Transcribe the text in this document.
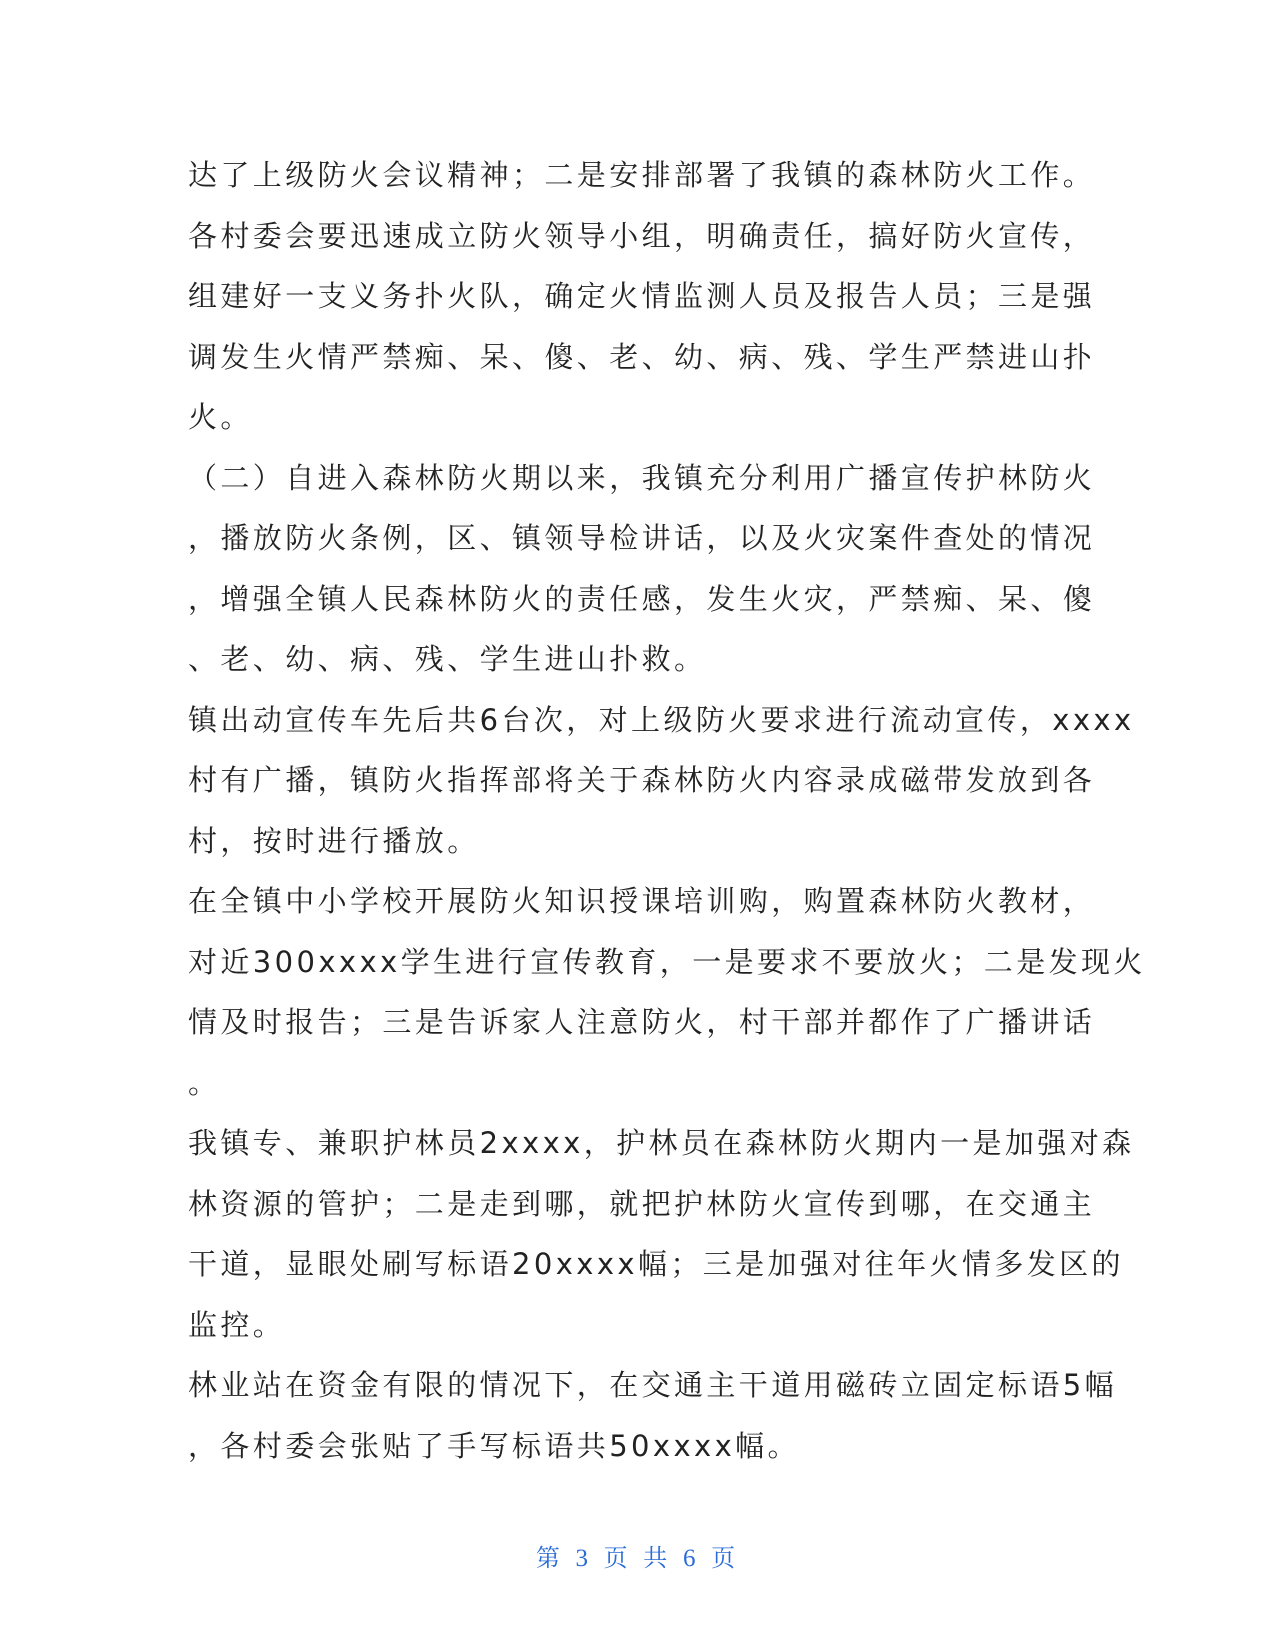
达了上级防火会议精神；二是安排部署了我镇的森林防火工作。
各村委会要迅速成立防火领导小组，明确责任，搞好防火宣传，
组建好一支义务扑火队，确定火情监测人员及报告人员；三是强
调发生火情严禁痴、呆、傻、老、幼、病、残、学生严禁进山扑
火。
（二）自进入森林防火期以来，我镇充分利用广播宣传护林防火
，播放防火条例，区、镇领导检讲话，以及火灾案件查处的情况
，增强全镇人民森林防火的责任感，发生火灾，严禁痴、呆、傻
、老、幼、病、残、学生进山扑救。
镇出动宣传车先后共6台次，对上级防火要求进行流动宣传，xxxx
村有广播，镇防火指挥部将关于森林防火内容录成磁带发放到各
村，按时进行播放。
在全镇中小学校开展防火知识授课培训购，购置森林防火教材，
对近300xxxx学生进行宣传教育，一是要求不要放火；二是发现火
情及时报告；三是告诉家人注意防火，村干部并都作了广播讲话
。
我镇专、兼职护林员2xxxx，护林员在森林防火期内一是加强对森
林资源的管护；二是走到哪，就把护林防火宣传到哪，在交通主
干道，显眼处刷写标语20xxxx幅；三是加强对往年火情多发区的
监控。
林业站在资金有限的情况下，在交通主干道用磁砖立固定标语5幅
，各村委会张贴了手写标语共50xxxx幅。
第 3 页 共 6 页
